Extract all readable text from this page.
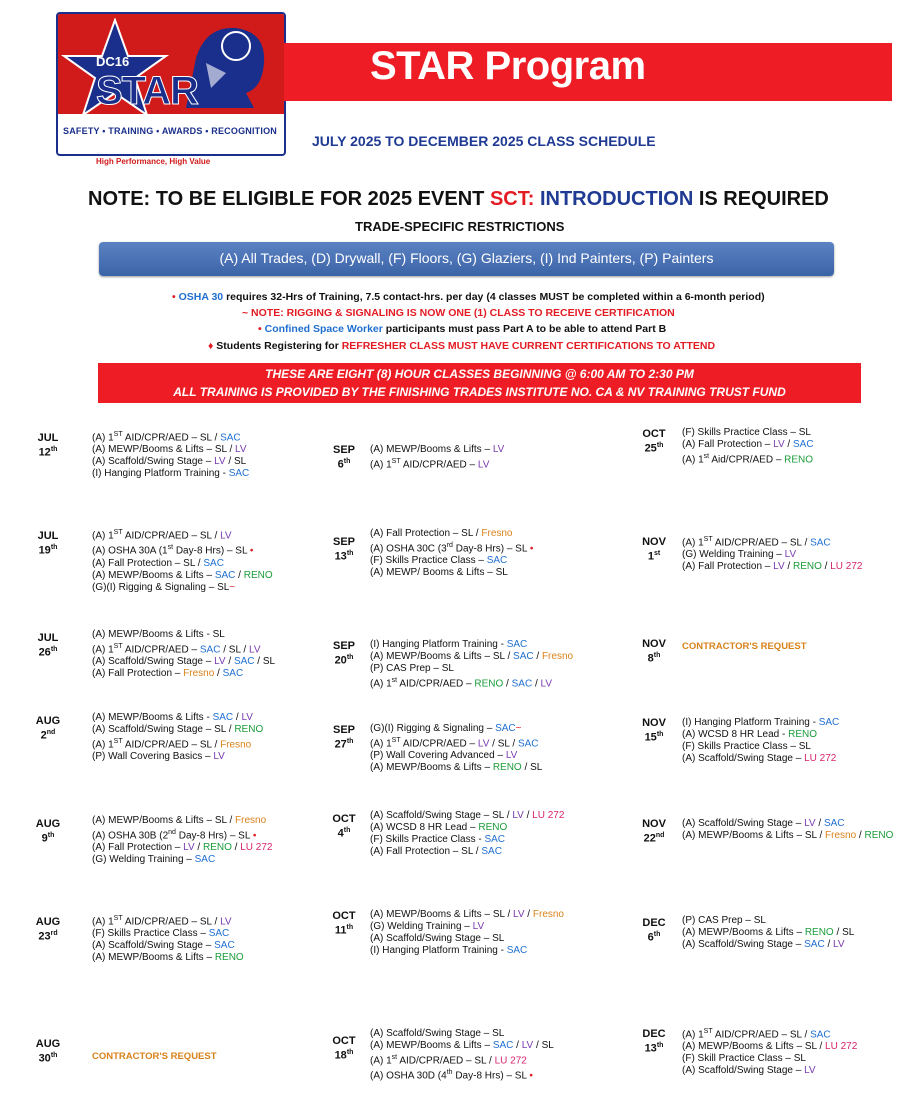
DC16
STAR
SAFETY • TRAINING • AWARDS • RECOGNITION
High Performance, High Value
STAR Program
JULY 2025 TO DECEMBER 2025 CLASS SCHEDULE
NOTE: TO BE ELIGIBLE FOR 2025 EVENT SCT: INTRODUCTION IS REQUIRED
TRADE-SPECIFIC RESTRICTIONS
(A) All Trades, (D) Drywall, (F) Floors, (G) Glaziers, (I) Ind Painters, (P) Painters
• OSHA 30 requires 32-Hrs of Training, 7.5 contact-hrs. per day (4 classes MUST be completed within a 6-month period)
~ NOTE: RIGGING & SIGNALING IS NOW ONE (1) CLASS TO RECEIVE CERTIFICATION
• Confined Space Worker participants must pass Part A to be able to attend Part B
♦ Students Registering for REFRESHER CLASS MUST HAVE CURRENT CERTIFICATIONS TO ATTEND
THESE ARE EIGHT (8) HOUR CLASSES BEGINNING @ 6:00 AM TO 2:30 PM
ALL TRAINING IS PROVIDED BY THE FINISHING TRADES INSTITUTE NO. CA & NV TRAINING TRUST FUND
JUL
12th
(A) 1ST AID/CPR/AED – SL / SAC
(A) MEWP/Booms & Lifts – SL / LV
(A) Scaffold/Swing Stage – LV / SL
(I) Hanging Platform Training - SAC
JUL
19th
(A) 1ST AID/CPR/AED – SL / LV
(A) OSHA 30A (1st Day-8 Hrs) – SL •
(A) Fall Protection – SL / SAC
(A) MEWP/Booms & Lifts – SAC / RENO
(G)(I) Rigging & Signaling – SL~
JUL
26th
(A) MEWP/Booms & Lifts - SL
(A) 1ST AID/CPR/AED – SAC / SL / LV
(A) Scaffold/Swing Stage – LV / SAC / SL
(A) Fall Protection – Fresno / SAC
AUG
2nd
(A) MEWP/Booms & Lifts - SAC / LV
(A) Scaffold/Swing Stage – SL / RENO
(A) 1ST AID/CPR/AED – SL / Fresno
(P) Wall Covering Basics – LV
AUG
9th
(A) MEWP/Booms & Lifts – SL / Fresno
(A) OSHA 30B (2nd Day-8 Hrs) – SL •
(A) Fall Protection – LV / RENO / LU 272
(G) Welding Training – SAC
AUG
23rd
(A) 1ST AID/CPR/AED – SL / LV
(F) Skills Practice Class – SAC
(A) Scaffold/Swing Stage – SAC
(A) MEWP/Booms & Lifts – RENO
AUG
30th	CONTRACTOR'S REQUEST
SEP
6th
(A) MEWP/Booms & Lifts – LV
(A) 1ST AID/CPR/AED – LV
SEP
13th
(A) Fall Protection – SL / Fresno
(A) OSHA 30C (3rd Day-8 Hrs) – SL •
(F) Skills Practice Class – SAC
(A) MEWP/ Booms & Lifts – SL
SEP
20th
(I) Hanging Platform Training - SAC
(A) MEWP/Booms & Lifts – SL / SAC / Fresno
(P) CAS Prep – SL
(A) 1st AID/CPR/AED – RENO / SAC / LV
SEP
27th
(G)(I) Rigging & Signaling – SAC~
(A) 1ST AID/CPR/AED – LV / SL / SAC
(P) Wall Covering Advanced – LV
(A) MEWP/Booms & Lifts – RENO / SL
OCT
4th
(A) Scaffold/Swing Stage – SL / LV / LU 272
(A) WCSD 8 HR Lead – RENO
(F) Skills Practice Class - SAC
(A) Fall Protection – SL / SAC
OCT
11th
(A) MEWP/Booms & Lifts – SL / LV / Fresno
(G) Welding Training – LV
(A) Scaffold/Swing Stage – SL
(I) Hanging Platform Training - SAC
OCT
18th
(A) Scaffold/Swing Stage – SL
(A) MEWP/Booms & Lifts – SAC / LV / SL
(A) 1st AID/CPR/AED – SL / LU 272
(A) OSHA 30D (4th Day-8 Hrs) – SL •
OCT
25th
(F) Skills Practice Class – SL
(A) Fall Protection – LV / SAC
(A) 1st Aid/CPR/AED – RENO
NOV
1st
(A) 1ST AID/CPR/AED – SL / SAC
(G) Welding Training – LV
(A) Fall Protection – LV / RENO / LU 272
NOV
8th
CONTRACTOR'S REQUEST
NOV
15th
(I) Hanging Platform Training - SAC
(A) WCSD 8 HR Lead - RENO
(F) Skills Practice Class – SL
(A) Scaffold/Swing Stage – LU 272
NOV
22nd
(A) Scaffold/Swing Stage – LV / SAC
(A) MEWP/Booms & Lifts – SL / Fresno / RENO
DEC
6th
(P) CAS Prep – SL
(A) MEWP/Booms & Lifts – RENO / SL
(A) Scaffold/Swing Stage – SAC / LV
DEC
13th
(A) 1ST AID/CPR/AED – SL / SAC
(A) MEWP/Booms & Lifts – SL / LU 272
(F) Skill Practice Class – SL
(A) Scaffold/Swing Stage – LV
